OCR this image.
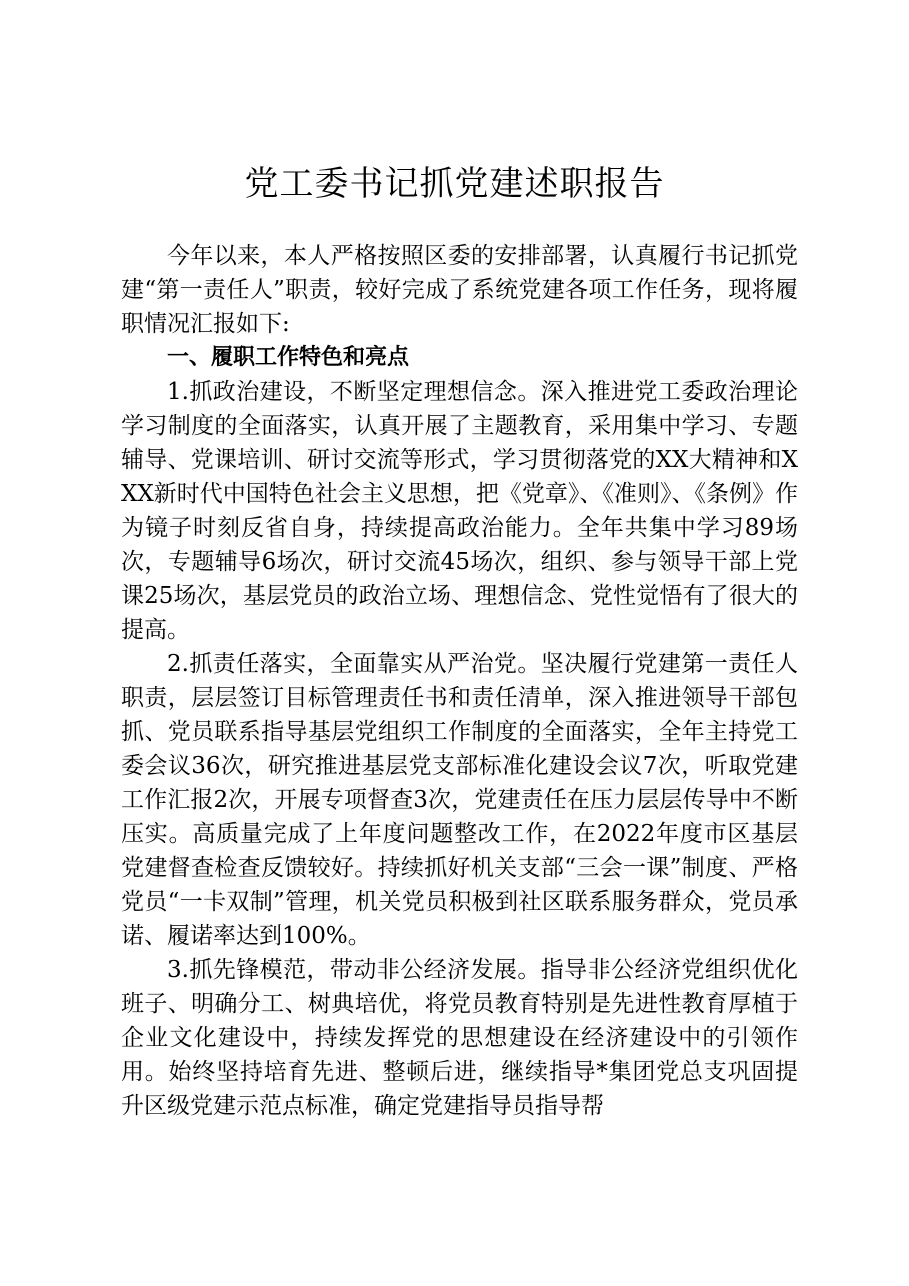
党工委书记抓党建述职报告

今年以来，本人严格按照区委的安排部署，认真履行书记抓党建“第一责任人”职责，较好完成了系统党建各项工作任务，现将履职情况汇报如下:

一、履职工作特色和亮点

1.抓政治建设，不断坚定理想信念。深入推进党工委政治理论学习制度的全面落实，认真开展了主题教育，采用集中学习、专题辅导、党课培训、研讨交流等形式，学习贯彻落党的XX大精神和XXX新时代中国特色社会主义思想，把《党章》、《准则》、《条例》作为镜子时刻反省自身，持续提高政治能力。全年共集中学习89场次，专题辅导6场次，研讨交流45场次，组织、参与领导干部上党课25场次，基层党员的政治立场、理想信念、党性觉悟有了很大的提高。

2.抓责任落实，全面靠实从严治党。坚决履行党建第一责任人职责，层层签订目标管理责任书和责任清单，深入推进领导干部包抓、党员联系指导基层党组织工作制度的全面落实，全年主持党工委会议36次，研究推进基层党支部标准化建设会议7次，听取党建工作汇报2次，开展专项督查3次，党建责任在压力层层传导中不断压实。高质量完成了上年度问题整改工作，在2022年度市区基层党建督查检查反馈较好。持续抓好机关支部“三会一课”制度、严格党员“一卡双制”管理，机关党员积极到社区联系服务群众，党员承诺、履诺率达到100%。

3.抓先锋模范，带动非公经济发展。指导非公经济党组织优化班子、明确分工、树典培优，将党员教育特别是先进性教育厚植于企业文化建设中，持续发挥党的思想建设在经济建设中的引领作用。始终坚持培育先进、整顿后进，继续指导*集团党总支巩固提升区级党建示范点标准，确定党建指导员指导帮
